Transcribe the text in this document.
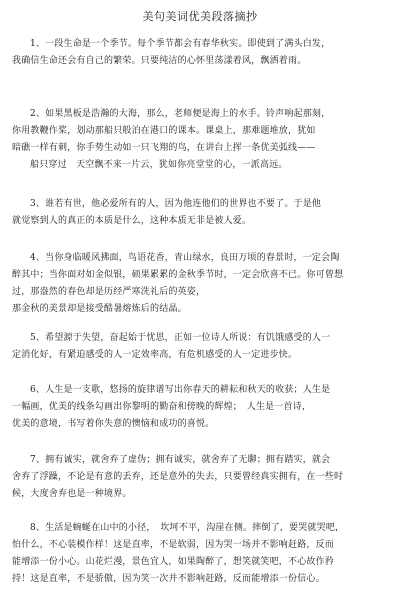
美句美词优美段落摘抄
1、一段生命是一个季节。每个季节都会有春华秋实。即使到了满头白发，
我确信生命还会有自己的繁荣。只要纯洁的心怀里荡漾着风，飘洒着雨。
2、如果黑板是浩瀚的大海，那么，老师便是海上的水手。铃声响起那刻，
你用教鞭作桨，划动那船只般泊在港口的课本。课桌上，那难题堆放，犹如
暗礁一样有刺，你手势生动如一只飞翔的鸟，在讲台上挥一条优美弧线——
船只穿过　天空飘不来一片云，犹如你亮堂堂的心，一派高远。
3、谁若有世，他必爱所有的人，因为他连他们的世界也不要了。于是他
就觉察到人的真正的本质是什么，这种本质无非是被人爱。
4、当你身临暖风拂面，鸟语花香，青山绿水，良田万顷的春景时，一定会陶
醉其中；当你面对如金似银，硕果累累的金秋季节时，一定会欣喜不已。你可曾想
过，那盎然的春色却是历经严寒洗礼后的英姿，
那金秋的美景却是接受酷暑熔炼后的结晶。
5、希望源于失望，奋起始于忧思，正如一位诗人所说：有饥饿感受的人一
定消化好，有紧迫感受的人一定效率高，有危机感受的人一定进步快。
6、人生是一支歌，悠扬的旋律谱写出你春天的耕耘和秋天的收获；人生是
一幅画，优美的线条勾画出你黎明的勤奋和傍晚的辉煌；　人生是一首诗，
优美的意境，书写着你失意的懊恼和成功的喜悦。
7、拥有诚实，就舍弃了虚伪；拥有诚实，就舍弃了无聊；拥有踏实，就会
舍弃了浮躁，不论是有意的丢弃，还是意外的失去，只要曾经真实拥有，在一些时
候，大度舍弃也是一种境界。
8、生活是蜿蜒在山中的小径，　坎坷不平，沟崖在侧。摔倒了，要哭就哭吧，
怕什么，不心装模作样！这是直率，不是软弱，因为哭一场并不影响赶路，反而
能增添一份小心。山花烂漫，景色宜人，如果陶醉了，想笑就笑吧，不心故作矜
持！这是直率，不是骄傲，因为笑一次并不影响赶路，反而能增添一份信心。
